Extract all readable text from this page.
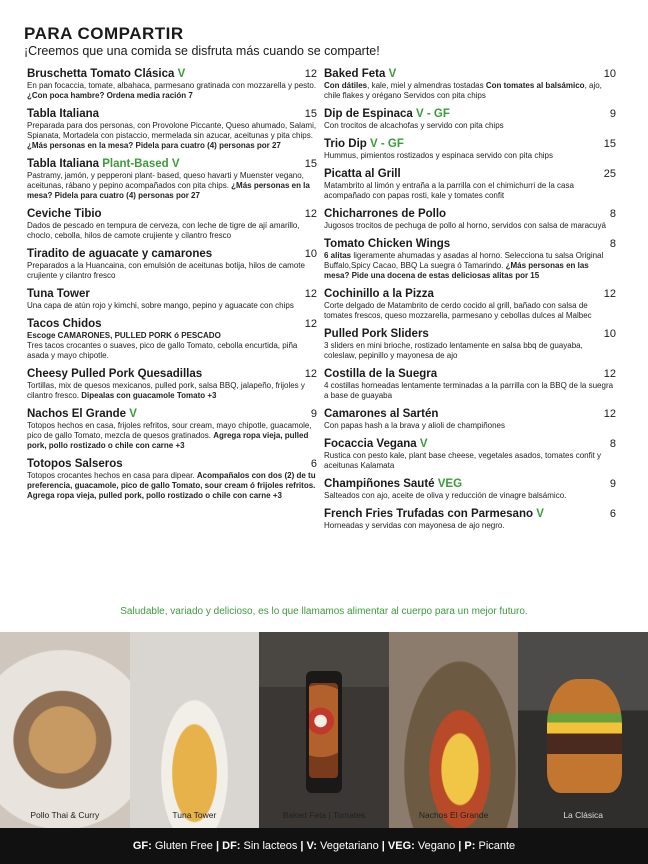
PARA COMPARTIR
¡Creemos que una comida se disfruta más cuando se comparte!
Bruschetta Tomato Clásica V	12
En pan focaccia, tomate, albahaca, parmesano gratinada con mozzarella y pesto. ¿Con poca hambre? Ordena media ración 7
Tabla Italiana	15
Preparada para dos personas, con Provolone Piccante, Queso ahumado, Salami, Spianata, Mortadela con pistaccio, mermelada sin azucar, aceitunas y pita chips. ¿Más personas en la mesa? Pidela para cuatro (4) personas por 27
Tabla Italiana Plant-Based V	15
Pastramy, jamón, y pepperoni plant- based, queso havarti y Muenster vegano, aceitunas, rábano y pepino acompañados con pita chips. ¿Más personas en la mesa? Pidela para cuatro (4) personas por 27
Ceviche Tibio	12
Dados de pescado en tempura de cerveza, con leche de tigre de ají amarillo, choclo, cebolla, hilos de camote crujiente y cilantro fresco
Tiradito de aguacate y camarones	10
Preparados a la Huancaina, con emulsión de aceitunas botija, hilos de camote crujiente y cilantro fresco
Tuna Tower	12
Una capa de atún rojo y kimchi, sobre mango, pepino y aguacate con chips
Tacos Chidos	12
Escoge CAMARONES, PULLED PORK ó PESCADO
Tres tacos crocantes o suaves, pico de gallo Tomato, cebolla encurtida, piña asada y mayo chipotle.
Cheesy Pulled Pork Quesadillas	12
Tortillas, mix de quesos mexicanos, pulled pork, salsa BBQ, jalapeño, frijoles y cilantro fresco. Dipealas con guacamole Tomato +3
Nachos El Grande V	9
Totopos hechos en casa, frijoles refritos, sour cream, mayo chipotle, guacamole, pico de gallo Tomato, mezcla de quesos gratinados. Agrega ropa vieja, pulled pork, pollo rostizado o chile con carne +3
Totopos Salseros	6
Totopos crocantes hechos en casa para dipear. Acompañalos con dos (2) de tu preferencia, guacamole, pico de gallo Tomato, sour cream ó frijoles refritos. Agrega ropa vieja, pulled pork, pollo rostizado o chile con carne +3
Baked Feta V	10
Con dátiles, kale, miel y almendras tostadas Con tomates al balsámico, ajo, chile flakes y orégano Servidos con pita chips
Dip de Espinaca V - GF	9
Con trocitos de alcachofas y servido con pita chips
Trio Dip V - GF	15
Hummus, pimientos rostizados y espinaca servido con pita chips
Picatta al Grill	25
Matambrito al limón y entraña a la parrilla con el chimichurri de la casa acompañado con papas rosti, kale y tomates confit
Chicharrones de Pollo	8
Jugosos trocitos de pechuga de pollo al horno, servidos con salsa de maracuyá
Tomato Chicken Wings	8
6 alitas ligeramente ahumadas y asadas al horno. Selecciona tu salsa Original Buffalo,Spicy Cacao, BBQ La suegra ó Tamarindo. ¿Más personas en las mesa? Pide una docena de estas deliciosas alitas por 15
Cochinillo a la Pizza	12
Corte delgado de Matambrito de cerdo cocido al grill, bañado con salsa de tomates frescos, queso mozzarella, parmesano y cebollas dulces al Malbec
Pulled Pork Sliders	10
3 sliders en mini brioche, rostizado lentamente en salsa bbq de guayaba, coleslaw, pepinillo y mayonesa de ajo
Costilla de la Suegra	12
4 costillas horneadas lentamente terminadas a la parrilla con la BBQ de la suegra a base de guayaba
Camarones al Sartén	12
Con papas hash a la brava y alioli de champiñones
Focaccia Vegana V	8
Rustica con pesto kale, plant base cheese, vegetales asados, tomates confit y aceitunas Kalamata
Champiñones Sauté VEG	9
Salteados con ajo, aceite de oliva y reducción de vinagre balsámico.
French Fries Trufadas con Parmesano V	6
Horneadas y servidas con mayonesa de ajo negro.
Saludable, variado y delicioso, es lo que llamamos alimentar al cuerpo para un mejor futuro.
Pollo Thai & Curry	Tuna Tower	Baked Feta | Tomates	Nachos El Grande	La Clásica
GF: Gluten Free | DF: Sin lacteos | V: Vegetariano | VEG: Vegano | P: Picante
